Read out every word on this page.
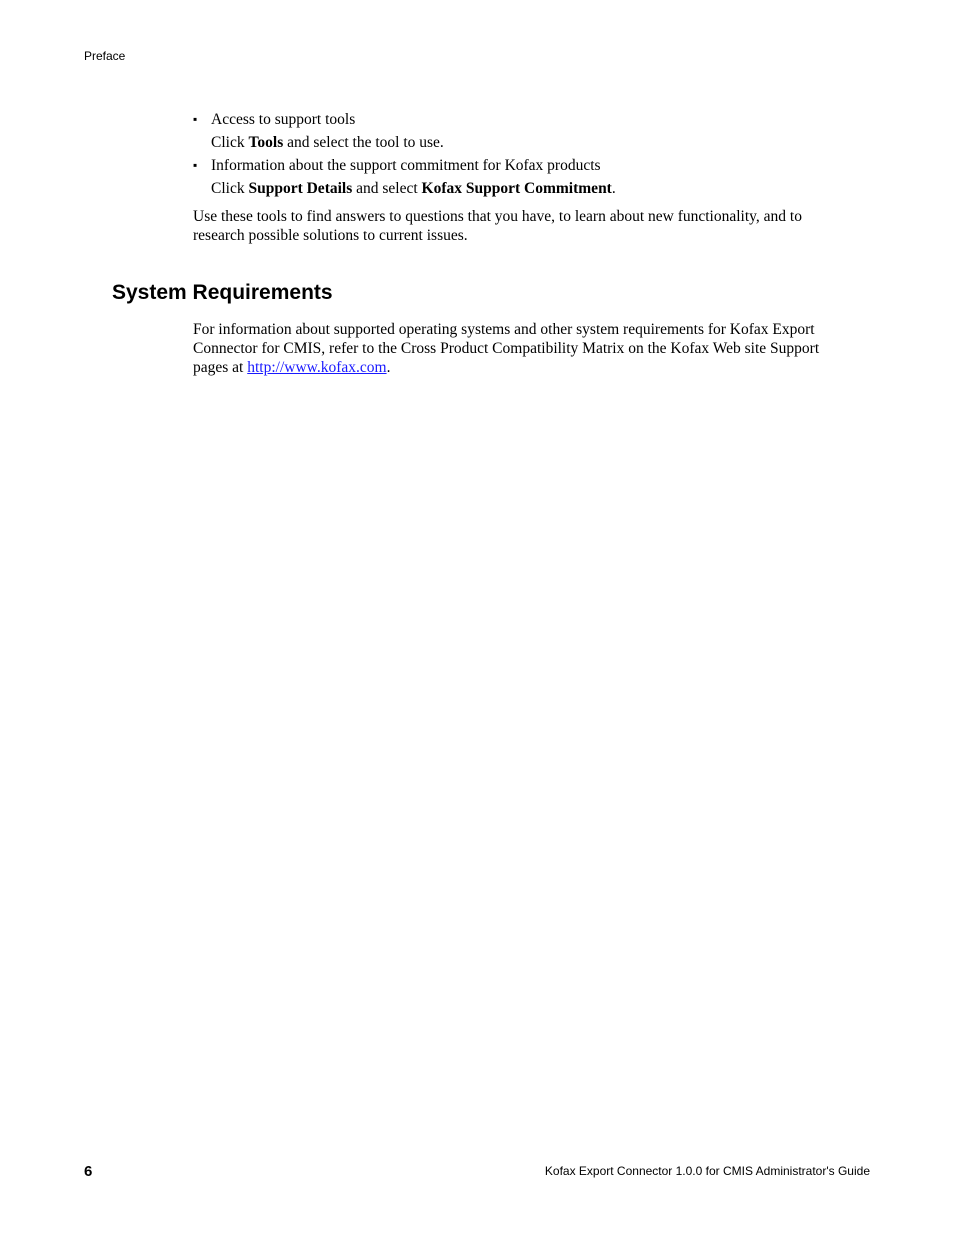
Preface
▪ Access to support tools
Click Tools and select the tool to use.
▪ Information about the support commitment for Kofax products
Click Support Details and select Kofax Support Commitment.

Use these tools to find answers to questions that you have, to learn about new functionality, and to research possible solutions to current issues.

System Requirements

For information about supported operating systems and other system requirements for Kofax Export Connector for CMIS, refer to the Cross Product Compatibility Matrix on the Kofax Web site Support pages at http://www.kofax.com.

6	Kofax Export Connector 1.0.0 for CMIS Administrator's Guide
